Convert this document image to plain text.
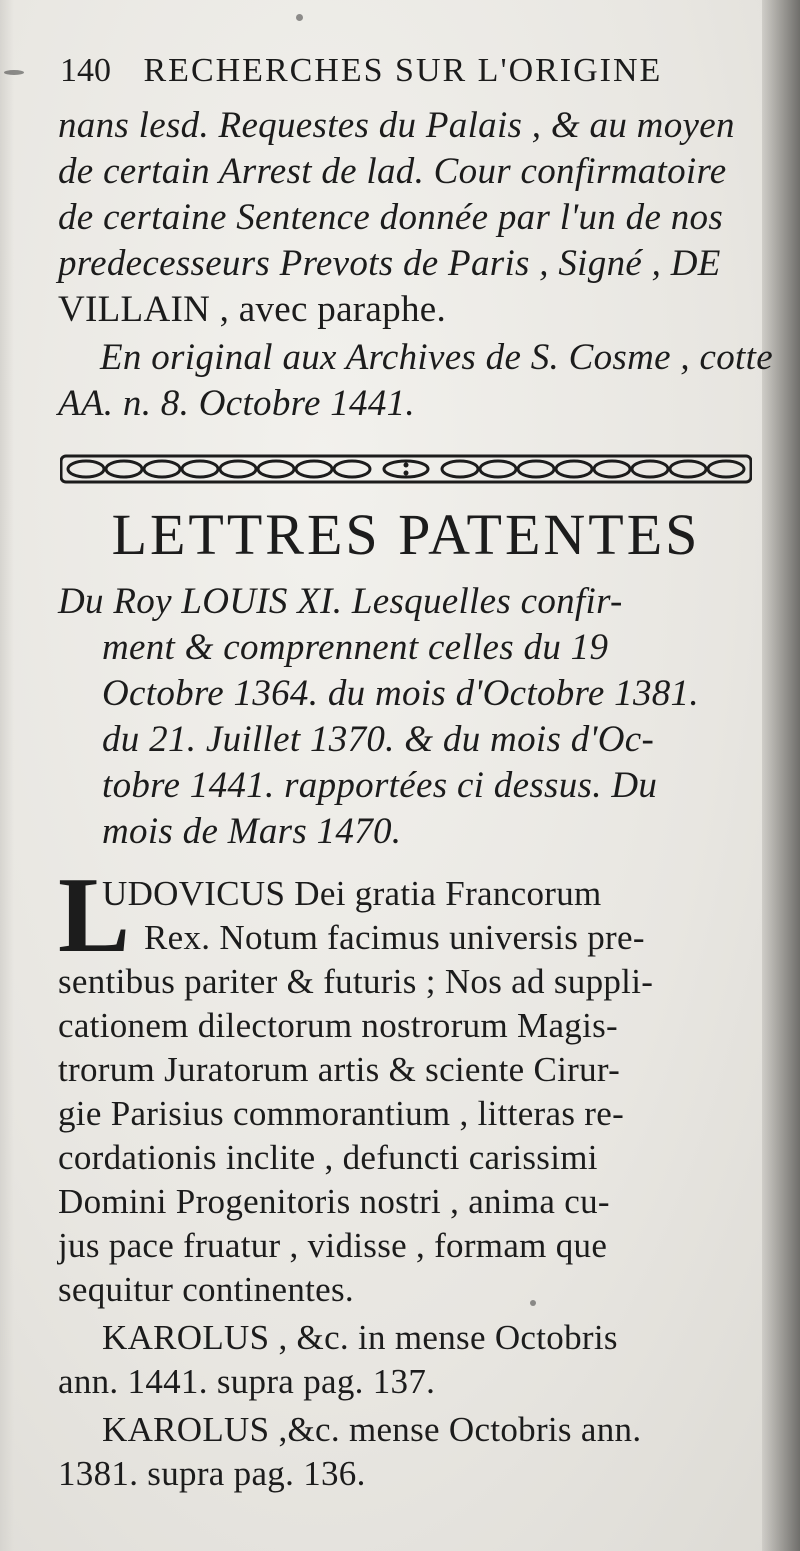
140 RECHERCHES SUR L'ORIGINE
nans lesd. Requestes du Palais , & au moyen
de certain Arrest de lad. Cour confirmatoire
de certaine Sentence donnée par l'un de nos
predecesseurs Prevots de Paris , Signé , DE
VILLAIN , avec paraphe.
En original aux Archives de S. Cosme , cotte
AA. n. 8. Octobre 1441.
LETTRES PATENTES
Du Roy LOUIS XI. Lesquelles confir-
ment & comprennent celles du 19
Octobre 1364. du mois d'Octobre 1381.
du 21. Juillet 1370. & du mois d'Oc-
tobre 1441. rapportées ci dessus. Du
mois de Mars 1470.
L
UDOVICUS Dei gratia Francorum
Rex. Notum facimus universis pre-
sentibus pariter & futuris ; Nos ad suppli-
cationem dilectorum nostrorum Magis-
trorum Juratorum artis & sciente Cirur-
gie Parisius commorantium , litteras re-
cordationis inclite , defuncti carissimi
Domini Progenitoris nostri , anima cu-
jus pace fruatur , vidisse , formam que
sequitur continentes.
KAROLUS , &c. in mense Octobris
ann. 1441. supra pag. 137.
KAROLUS ,&c. mense Octobris ann.
1381. supra pag. 136.
